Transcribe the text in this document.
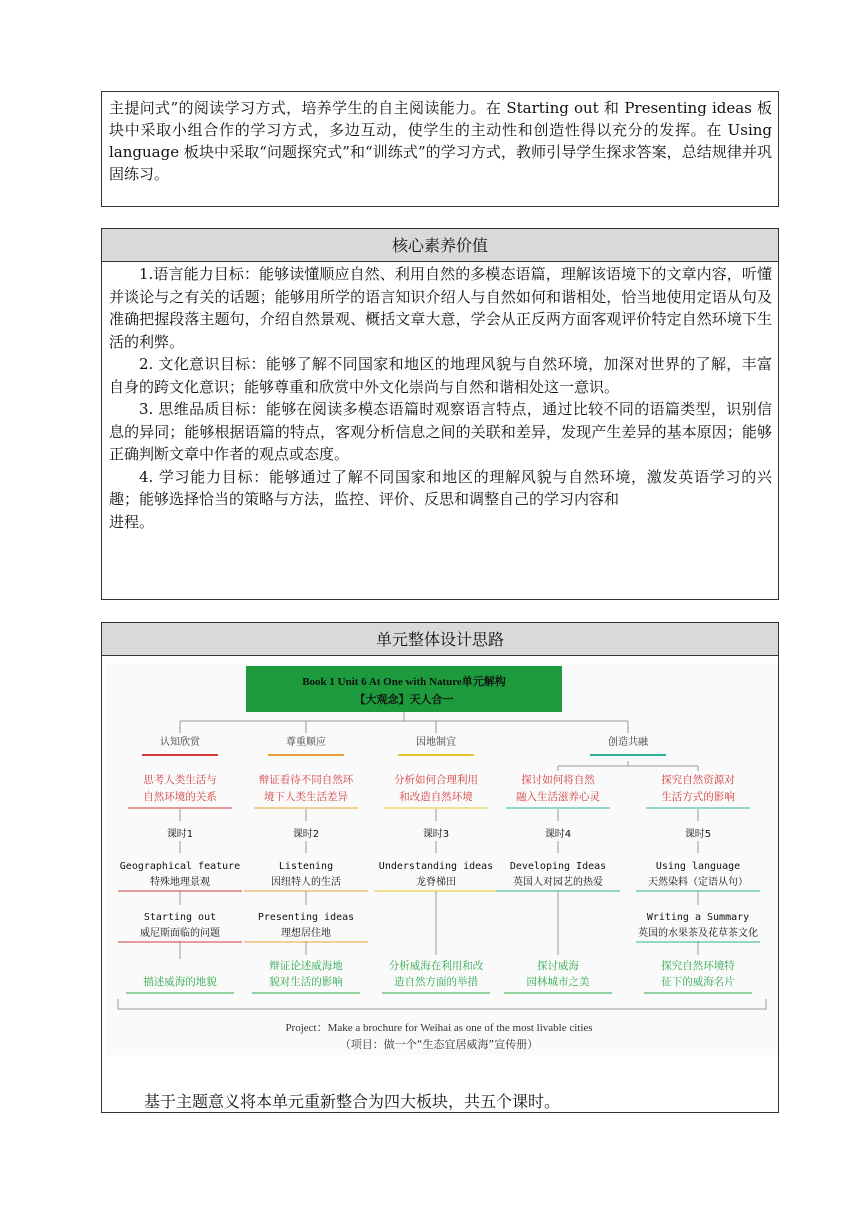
主提问式”的阅读学习方式，培养学生的自主阅读能力。在 Starting out 和 Presenting ideas 板块中采取小组合作的学习方式，多边互动，使学生的主动性和创造性得以充分的发挥。在 Using language 板块中采取“问题探究式”和“训练式”的学习方式，教师引导学生探求答案，总结规律并巩固练习。

核心素养价值

1.语言能力目标：能够读懂顺应自然、利用自然的多模态语篇，理解该语境下的文章内容，听懂并谈论与之有关的话题；能够用所学的语言知识介绍人与自然如何和谐相处，恰当地使用定语从句及准确把握段落主题句，介绍自然景观、概括文章大意，学会从正反两方面客观评价特定自然环境下生活的利弊。

2. 文化意识目标：能够了解不同国家和地区的地理风貌与自然环境，加深对世界的了解，丰富自身的跨文化意识；能够尊重和欣赏中外文化崇尚与自然和谐相处这一意识。

3. 思维品质目标：能够在阅读多模态语篇时观察语言特点，通过比较不同的语篇类型，识别信息的异同；能够根据语篇的特点，客观分析信息之间的关联和差异，发现产生差异的基本原因；能够正确判断文章中作者的观点或态度。

4. 学习能力目标：能够通过了解不同国家和地区的理解风貌与自然环境，激发英语学习的兴趣；能够选择恰当的策略与方法，监控、评价、反思和调整自己的学习内容和

进程。

单元整体设计思路
Book 1 Unit 6 At One with Nature单元解构
【大观念】天人合一
认知欣赏	尊重顺应	因地制宜	创造共融
思考人类生活与
自然环境的关系
辩证看待不同自然环
境下人类生活差异
分析如何合理利用
和改造自然环境
探讨如何将自然
融入生活滋养心灵
探究自然资源对
生活方式的影响
课时1	课时2	课时3	课时4	课时5
Geographical feature
特殊地理景观
Listening
因纽特人的生活
Understanding ideas
龙脊梯田
Developing Ideas
英国人对园艺的热爱
Using language
天然染料（定语从句）
Starting out
威尼斯面临的问题
Presenting ideas
理想居住地
Writing a Summary
英国的水果茶及花草茶文化
描述威海的地貌
辩证论述威海地
貌对生活的影响
分析威海在利用和改
造自然方面的举措
探讨威海
园林城市之美
探究自然环境特
征下的威海名片
Project：Make a brochure for Weihai as one of the most livable cities
（项目：做一个“生态宜居威海”宣传册）

基于主题意义将本单元重新整合为四大板块，共五个课时。
